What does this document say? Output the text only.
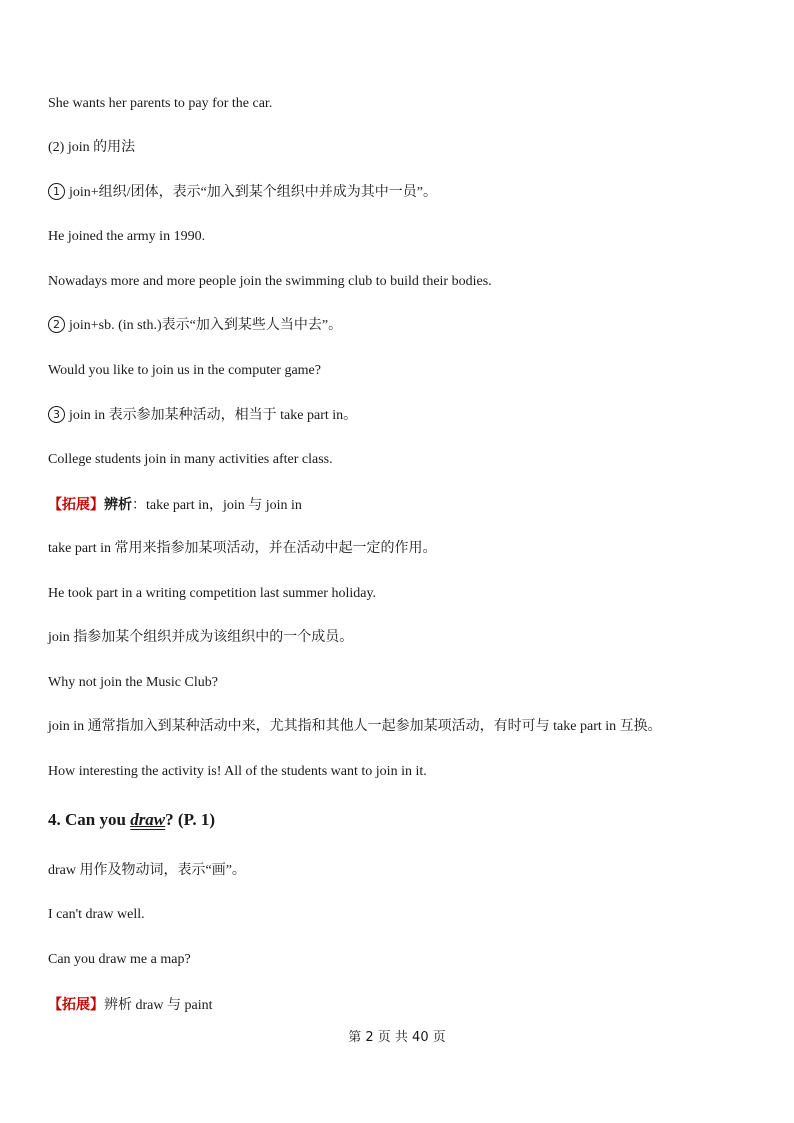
She wants her parents to pay for the car.
(2) join 的用法
1 join+组织/团体，表示“加入到某个组织中并成为其中一员”。
He joined the army in 1990.
Nowadays more and more people join the swimming club to build their bodies.
2 join+sb. (in sth.)表示“加入到某些人当中去”。
Would you like to join us in the computer game?
3 join in 表示参加某种活动，相当于 take part in。
College students join in many activities after class.
【拓展】辨析：take part in，join 与 join in
take part in 常用来指参加某项活动，并在活动中起一定的作用。
He took part in a writing competition last summer holiday.
join 指参加某个组织并成为该组织中的一个成员。
Why not join the Music Club?
join in 通常指加入到某种活动中来，尤其指和其他人一起参加某项活动，有时可与 take part in 互换。
How interesting the activity is! All of the students want to join in it.
4. Can you draw? (P. 1)
draw 用作及物动词，表示“画”。
I can't draw well.
Can you draw me a map?
【拓展】辨析 draw 与 paint
第 2 页 共 40 页
